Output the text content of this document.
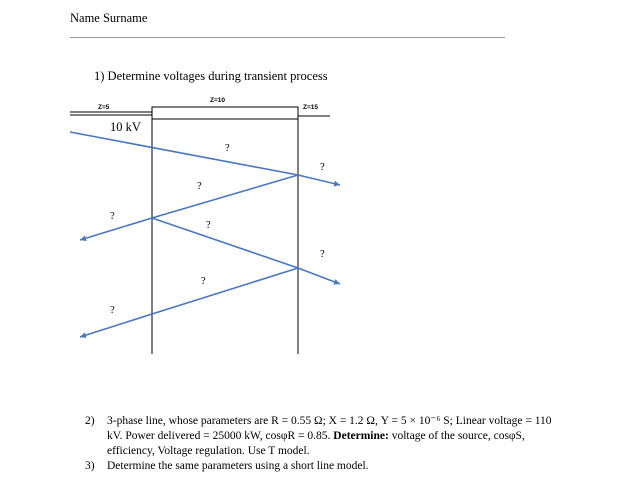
Name Surname
1) Determine voltages during transient process
Z=5
Z=10
Z=15
10 kV
?
?
?
?
?
?
?
?
2) 3-phase line, whose parameters are R = 0.55 Ω; X = 1.2 Ω, Y = 5 × 10⁻⁶ S; Linear voltage = 110 kV. Power delivered = 25000 kW, cosφR = 0.85. Determine: voltage of the source, cosφS, efficiency, Voltage regulation. Use T model.
3) Determine the same parameters using a short line model.
